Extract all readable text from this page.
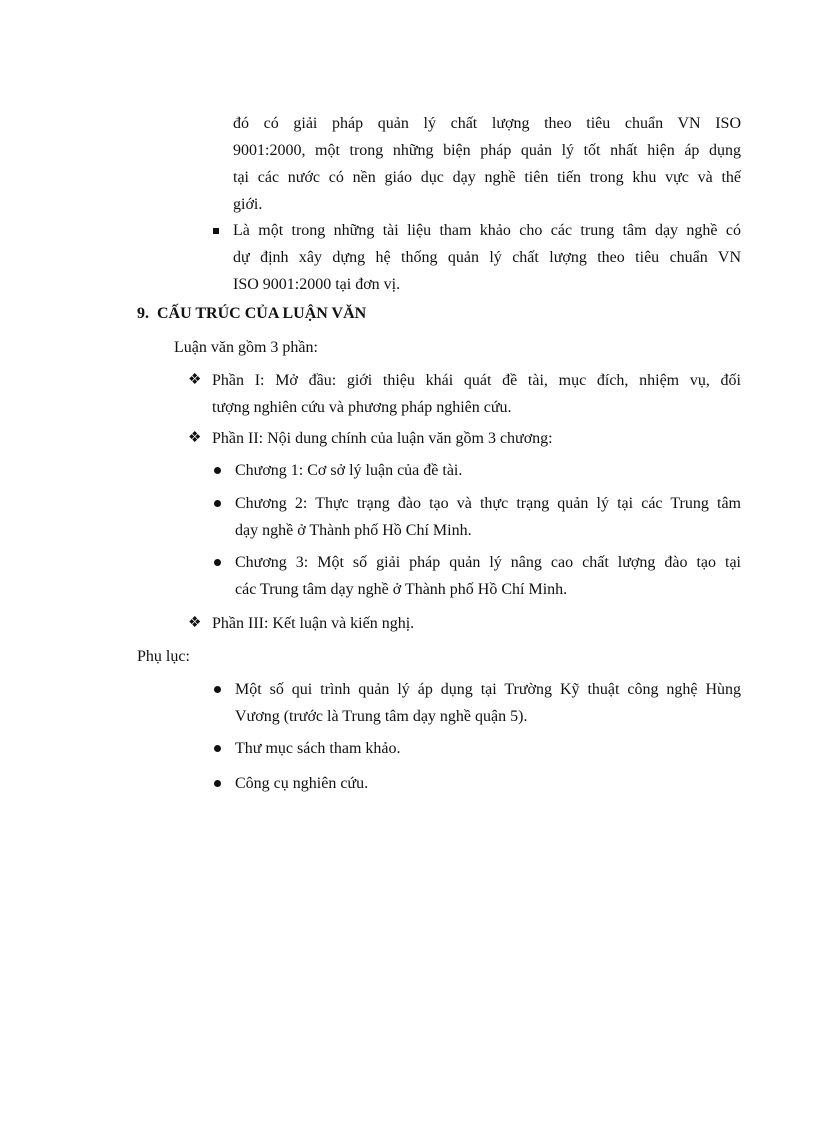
đó có giải pháp quản lý chất lượng theo tiêu chuẩn VN ISO
9001:2000, một trong những biện pháp quản lý tốt nhất hiện áp dụng
tại các nước có nền giáo dục dạy nghề tiên tiến trong khu vực và thế
giới.
Là một trong những tài liệu tham khảo cho các trung tâm dạy nghề có
dự định xây dựng hệ thống quản lý chất lượng theo tiêu chuẩn VN
ISO 9001:2000 tại đơn vị.
9. CẤU TRÚC CỦA LUẬN VĂN
Luận văn gồm 3 phần:
❖ Phần I: Mở đầu: giới thiệu khái quát đề tài, mục đích, nhiệm vụ, đối
tượng nghiên cứu và phương pháp nghiên cứu.
❖ Phần II: Nội dung chính của luận văn gồm 3 chương:
Chương 1: Cơ sở lý luận của đề tài.
Chương 2: Thực trạng đào tạo và thực trạng quản lý tại các Trung tâm
dạy nghề ở Thành phố Hồ Chí Minh.
Chương 3: Một số giải pháp quản lý nâng cao chất lượng đào tạo tại
các Trung tâm dạy nghề ở Thành phố Hồ Chí Minh.
❖ Phần III: Kết luận và kiến nghị.
Phụ lục:
Một số qui trình quản lý áp dụng tại Trường Kỹ thuật công nghệ Hùng
Vương (trước là Trung tâm dạy nghề quận 5).
Thư mục sách tham khảo.
Công cụ nghiên cứu.
